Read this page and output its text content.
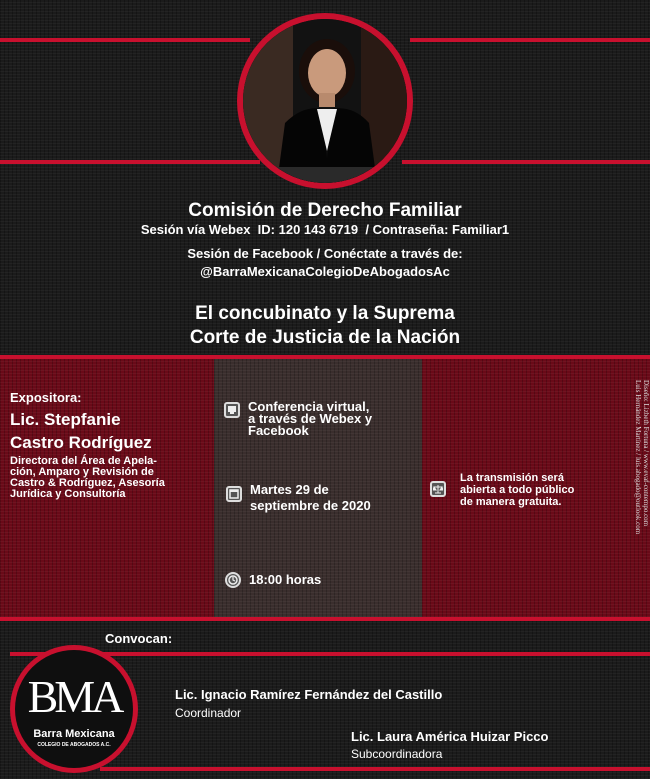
Comisión de Derecho Familiar
Sesión vía Webex  ID: 120 143 6719  / Contraseña: Familiar1
Sesión de Facebook / Conéctate a través de:
@BarraMexicanaColegioDeAbogadosAc
El concubinato y la Suprema
Corte de Justicia de la Nación
Expositora:
Lic. Stepfanie
Castro Rodríguez
Directora del Área de Apela-
ción, Amparo y Revisión de
Castro & Rodríguez, Asesoría
Jurídica y Consultoría
Conferencia virtual,
a través de Webex y
Facebook
Martes 29 de
septiembre de 2020
18:00 horas
La transmisión será
abierta a todo público
de manera gratuita.	Diseño: Lizbeth Fortuna / www.evaf-contempo.com
Luis Hernández Martínez / luis.abogado@outlook.com
Convocan:
BMA
Barra Mexicana
COLEGIO DE ABOGADOS A.C.
Lic. Ignacio Ramírez Fernández del Castillo
Coordinador
Lic. Laura América Huizar Picco
Subcoordinadora
